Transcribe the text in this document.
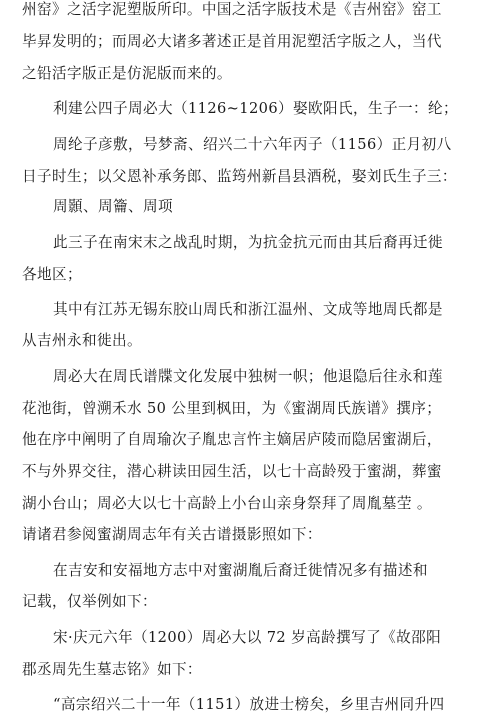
州窑》之活字泥塑版所印。中国之活字版技术是《吉州窑》窑工
毕昇发明的；而周必大诸多著述正是首用泥塑活字版之人，当代
之铅活字版正是仿泥版而来的。
利建公四子周必大（1126~1206）娶欧阳氏，生子一：纶；
周纶子彦敷，号梦斋、绍兴二十六年丙子（1156）正月初八
日子时生；以父恩补承务郎、监筠州新昌县酒税，娶刘氏生子三：
周顥、周籥、周项
此三子在南宋末之战乱时期，为抗金抗元而由其后裔再迁徙
各地区；
其中有江苏无锡东胶山周氏和浙江温州、文成等地周氏都是
从吉州永和徙出。
周必大在周氏谱牒文化发展中独树一帜；他退隐后往永和莲
花池街，曾溯禾水 50 公里到枫田，为《蜜湖周氏族谱》撰序；
他在序中阐明了自周瑜次子胤忠言忤主嫡居庐陵而隐居蜜湖后，
不与外界交往，潜心耕读田园生活，以七十高龄殁于蜜湖，葬蜜
湖小台山；周必大以七十高龄上小台山亲身祭拜了周胤墓茔 。
请诸君参阅蜜湖周志年有关古谱摄影照如下：
在吉安和安福地方志中对蜜湖胤后裔迁徙情况多有描述和
记载，仅举例如下：
宋·庆元六年（1200）周必大以 72 岁高龄撰写了《故邵阳
郡丞周先生墓志铭》如下：
“高宗绍兴二十一年（1151）放进士榜矣，乡里吉州同升四
